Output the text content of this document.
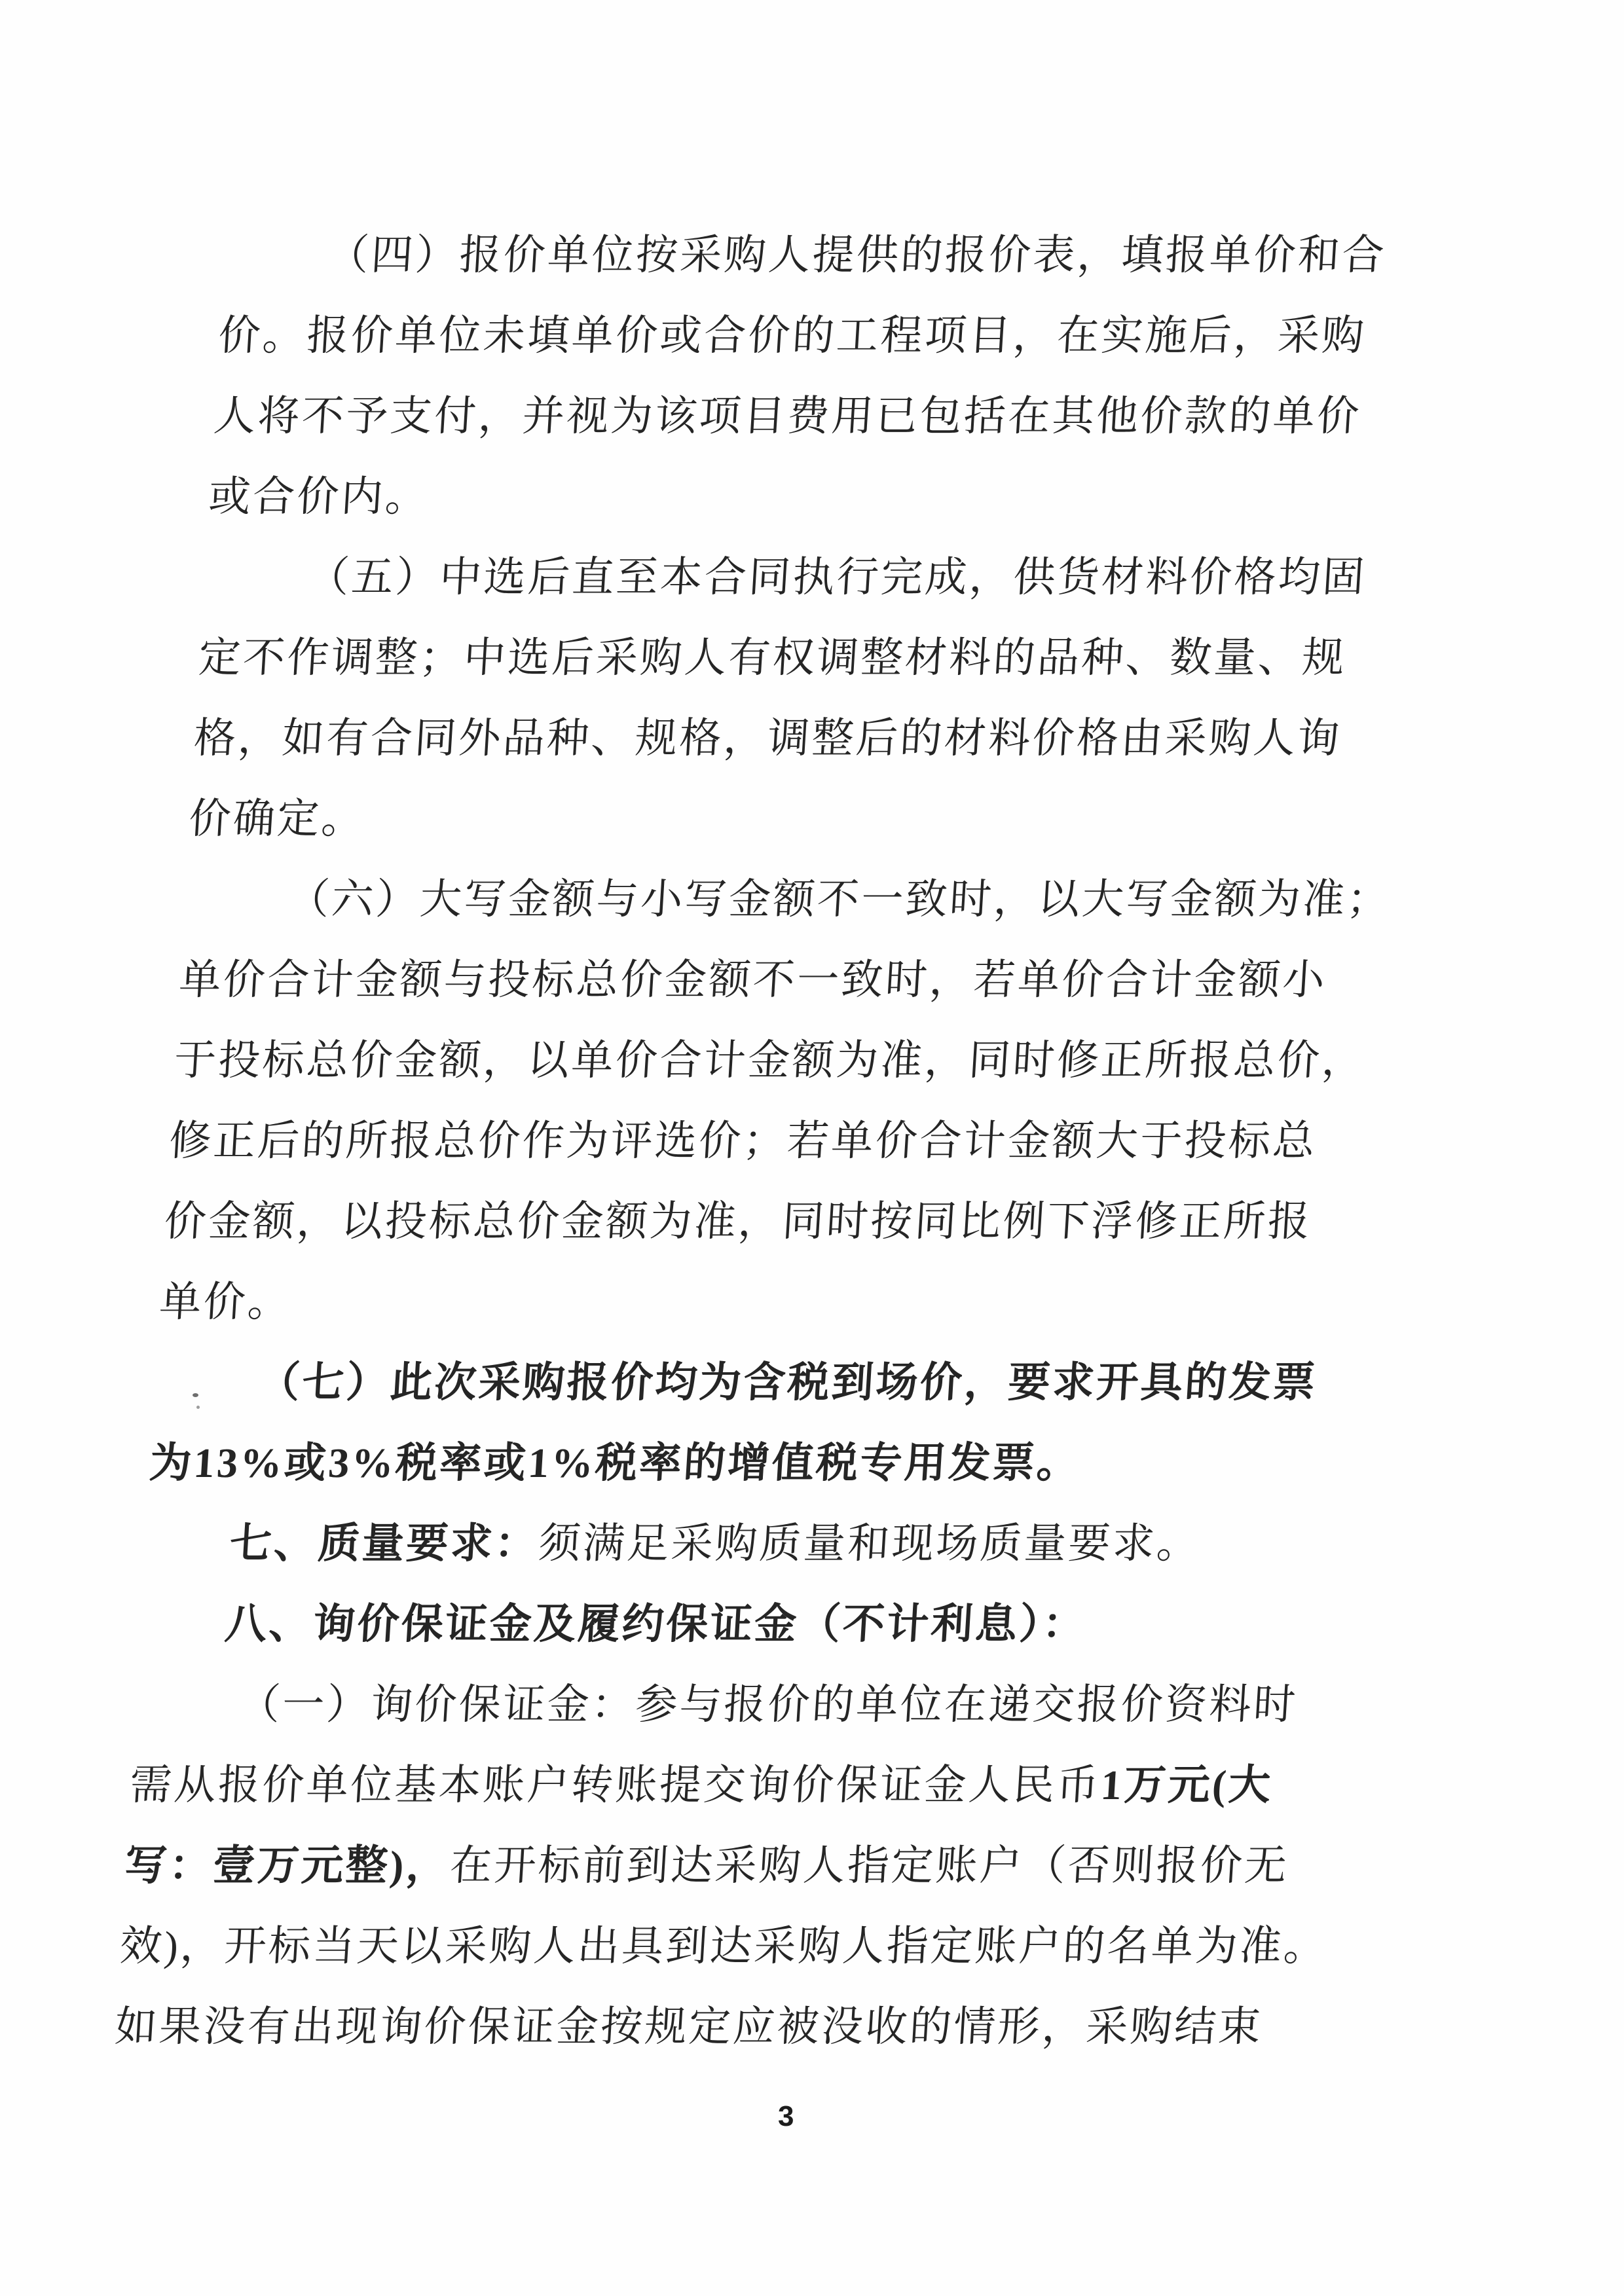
（四）报价单位按采购人提供的报价表，填报单价和合
价。报价单位未填单价或合价的工程项目，在实施后，采购
人将不予支付，并视为该项目费用已包括在其他价款的单价
或合价内。
（五）中选后直至本合同执行完成，供货材料价格均固
定不作调整；中选后采购人有权调整材料的品种、数量、规
格，如有合同外品种、规格，调整后的材料价格由采购人询
价确定。
（六）大写金额与小写金额不一致时，以大写金额为准；
单价合计金额与投标总价金额不一致时，若单价合计金额小
于投标总价金额，以单价合计金额为准，同时修正所报总价，
修正后的所报总价作为评选价；若单价合计金额大于投标总
价金额，以投标总价金额为准，同时按同比例下浮修正所报
单价。
（七）此次采购报价均为含税到场价，要求开具的发票
为13%或3%税率或1%税率的增值税专用发票。
七、质量要求：须满足采购质量和现场质量要求。
八、询价保证金及履约保证金（不计利息）：
（一）询价保证金：参与报价的单位在递交报价资料时
需从报价单位基本账户转账提交询价保证金人民币1万元(大
写：壹万元整)，在开标前到达采购人指定账户（否则报价无
效)，开标当天以采购人出具到达采购人指定账户的名单为准。
如果没有出现询价保证金按规定应被没收的情形，采购结束
3
